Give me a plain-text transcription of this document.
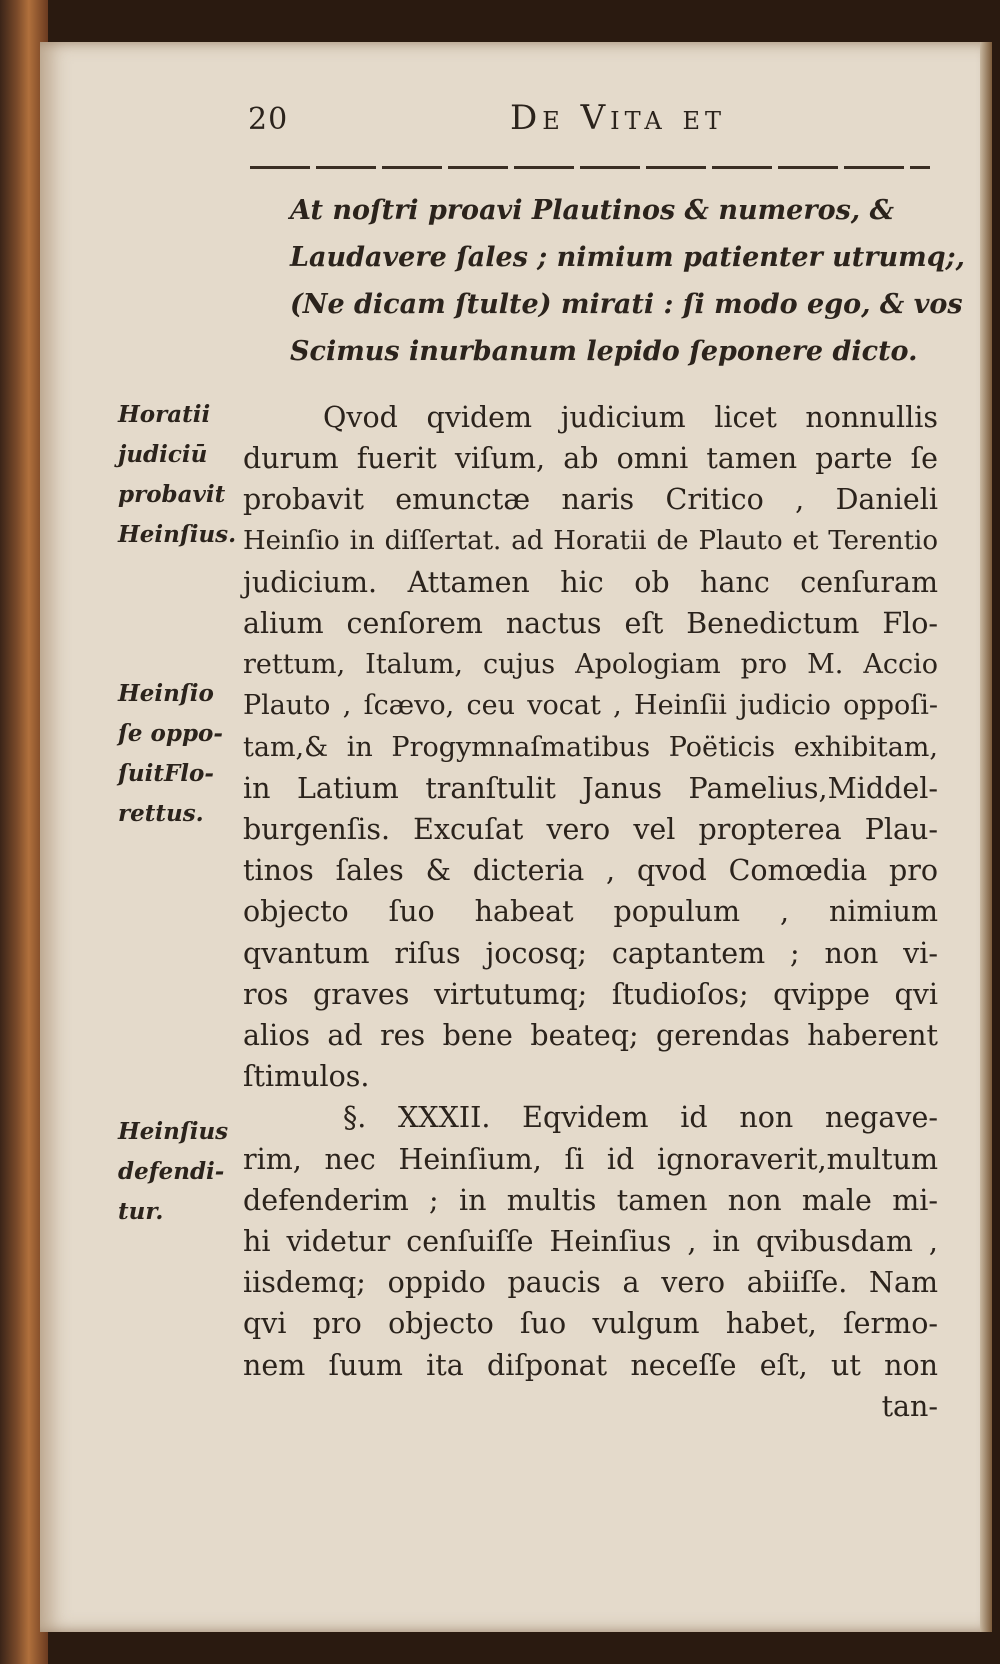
20	De Vita et
At noſtri proavi Plautinos & numeros, &
Laudavere ſales ; nimium patienter utrumq;,
(Ne dicam ſtulte) mirati : ſi modo ego, & vos
Scimus inurbanum lepido ſeponere dicto.
Horatii
judiciū
probavit
Heinſius.
Heinſio
ſe oppo-
ſuitFlo-
rettus.
Heinſius
defendi-
tur.
Qvod qvidem judicium licet nonnullis
durum fuerit viſum, ab omni tamen parte ſe
probavit emunctæ naris Critico , Danieli
Heinſio in diſſertat. ad Horatii de Plauto et Terentio
judicium. Attamen hic ob hanc cenſuram
alium cenſorem nactus eſt Benedictum Flo-
rettum, Italum, cujus Apologiam pro M. Accio
Plauto , ſcævo, ceu vocat , Heinſii judicio oppoſi-
tam,& in Progymnaſmatibus Poëticis exhibitam,
in Latium tranſtulit Janus Pamelius,Middel-
burgenſis. Excuſat vero vel propterea Plau-
tinos ſales & dicteria , qvod Comœdia pro
objecto ſuo habeat populum , nimium
qvantum riſus jocosq; captantem ; non vi-
ros graves virtutumq; ſtudioſos; qvippe qvi
alios ad res bene beateq; gerendas haberent
ſtimulos.
§. XXXII. Eqvidem id non negave-
rim, nec Heinſium, ſi id ignoraverit,multum
defenderim ; in multis tamen non male mi-
hi videtur cenſuiſſe Heinſius , in qvibusdam ,
iisdemq; oppido paucis a vero abiiſſe. Nam
qvi pro objecto ſuo vulgum habet, ſermo-
nem ſuum ita diſponat neceſſe eſt, ut non
tan-
